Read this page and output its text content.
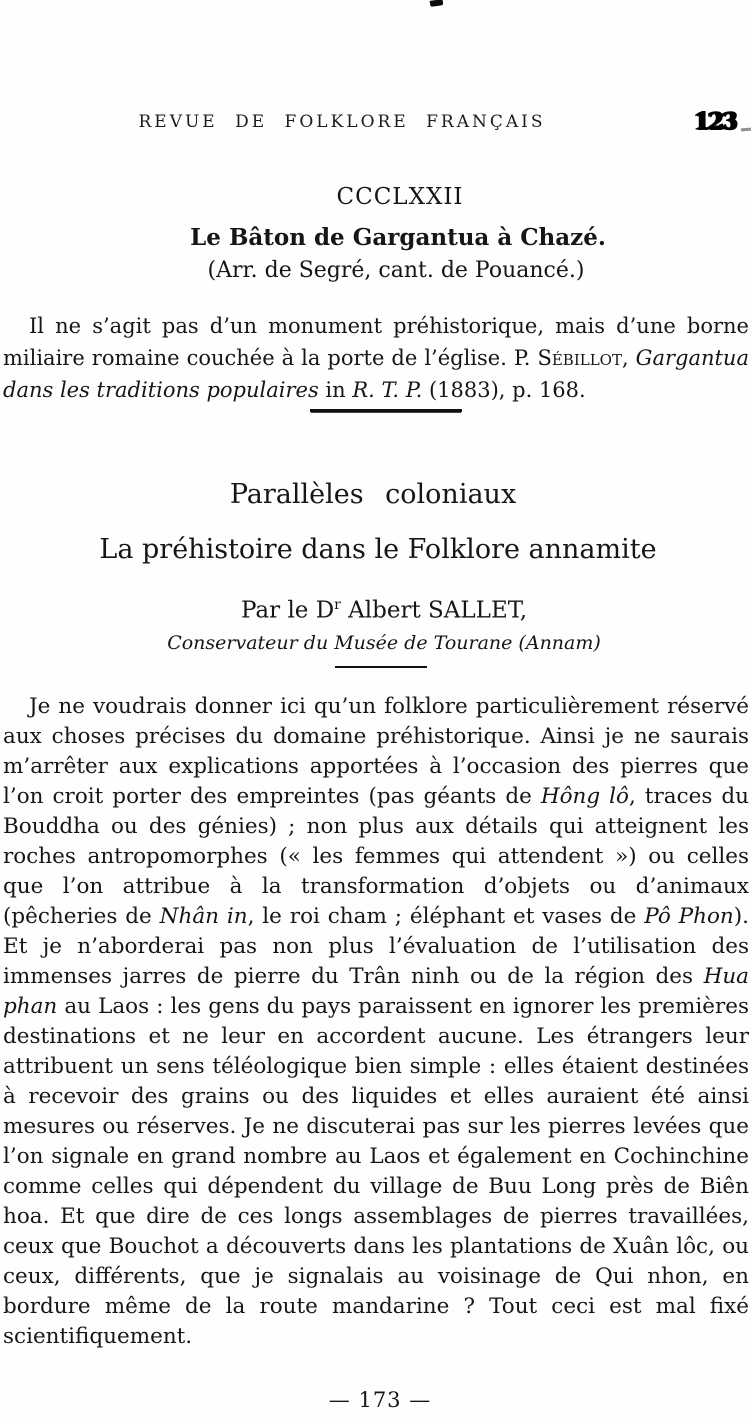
REVUE DE FOLKLORE FRANÇAIS	123
CCCLXXII
Le Bâton de Gargantua à Chazé.
(Arr. de Segré, cant. de Pouancé.)

Il ne s’agit pas d’un monument préhistorique, mais d’une borne miliaire romaine couchée à la porte de l’église. P. Sébillot, Gargantua dans les traditions populaires in R. T. P. (1883), p. 168.

Parallèles coloniaux
La préhistoire dans le Folklore annamite
Par le $D^r$ Albert SALLET,
Conservateur du Musée de Tourane (Annam)

Je ne voudrais donner ici qu’un folklore particulièrement réservé aux choses précises du domaine préhistorique. Ainsi je ne saurais m’arrêter aux explications apportées à l’occasion des pierres que l’on croit porter des empreintes (pas géants de Hông lô, traces du Bouddha ou des génies) ; non plus aux détails qui atteignent les roches antropomorphes (« les femmes qui attendent ») ou celles que l’on attribue à la transformation d’objets ou d’animaux (pêcheries de Nhân in, le roi cham ; éléphant et vases de Pô Phon). Et je n’aborderai pas non plus l’évaluation de l’utilisation des immenses jarres de pierre du Trân ninh ou de la région des Hua phan au Laos : les gens du pays paraissent en ignorer les premières destinations et ne leur en accordent aucune. Les étrangers leur attribuent un sens téléologique bien simple : elles étaient destinées à recevoir des grains ou des liquides et elles auraient été ainsi mesures ou réserves. Je ne discuterai pas sur les pierres levées que l’on signale en grand nombre au Laos et également en Cochinchine comme celles qui dépendent du village de Buu Long près de Biên hoa. Et que dire de ces longs assemblages de pierres travaillées, ceux que Bouchot a découverts dans les plantations de Xuân lôc, ou ceux, différents, que je signalais au voisinage de Qui nhon, en bordure même de la route mandarine ? Tout ceci est mal fixé scientifiquement.

— 173 —
